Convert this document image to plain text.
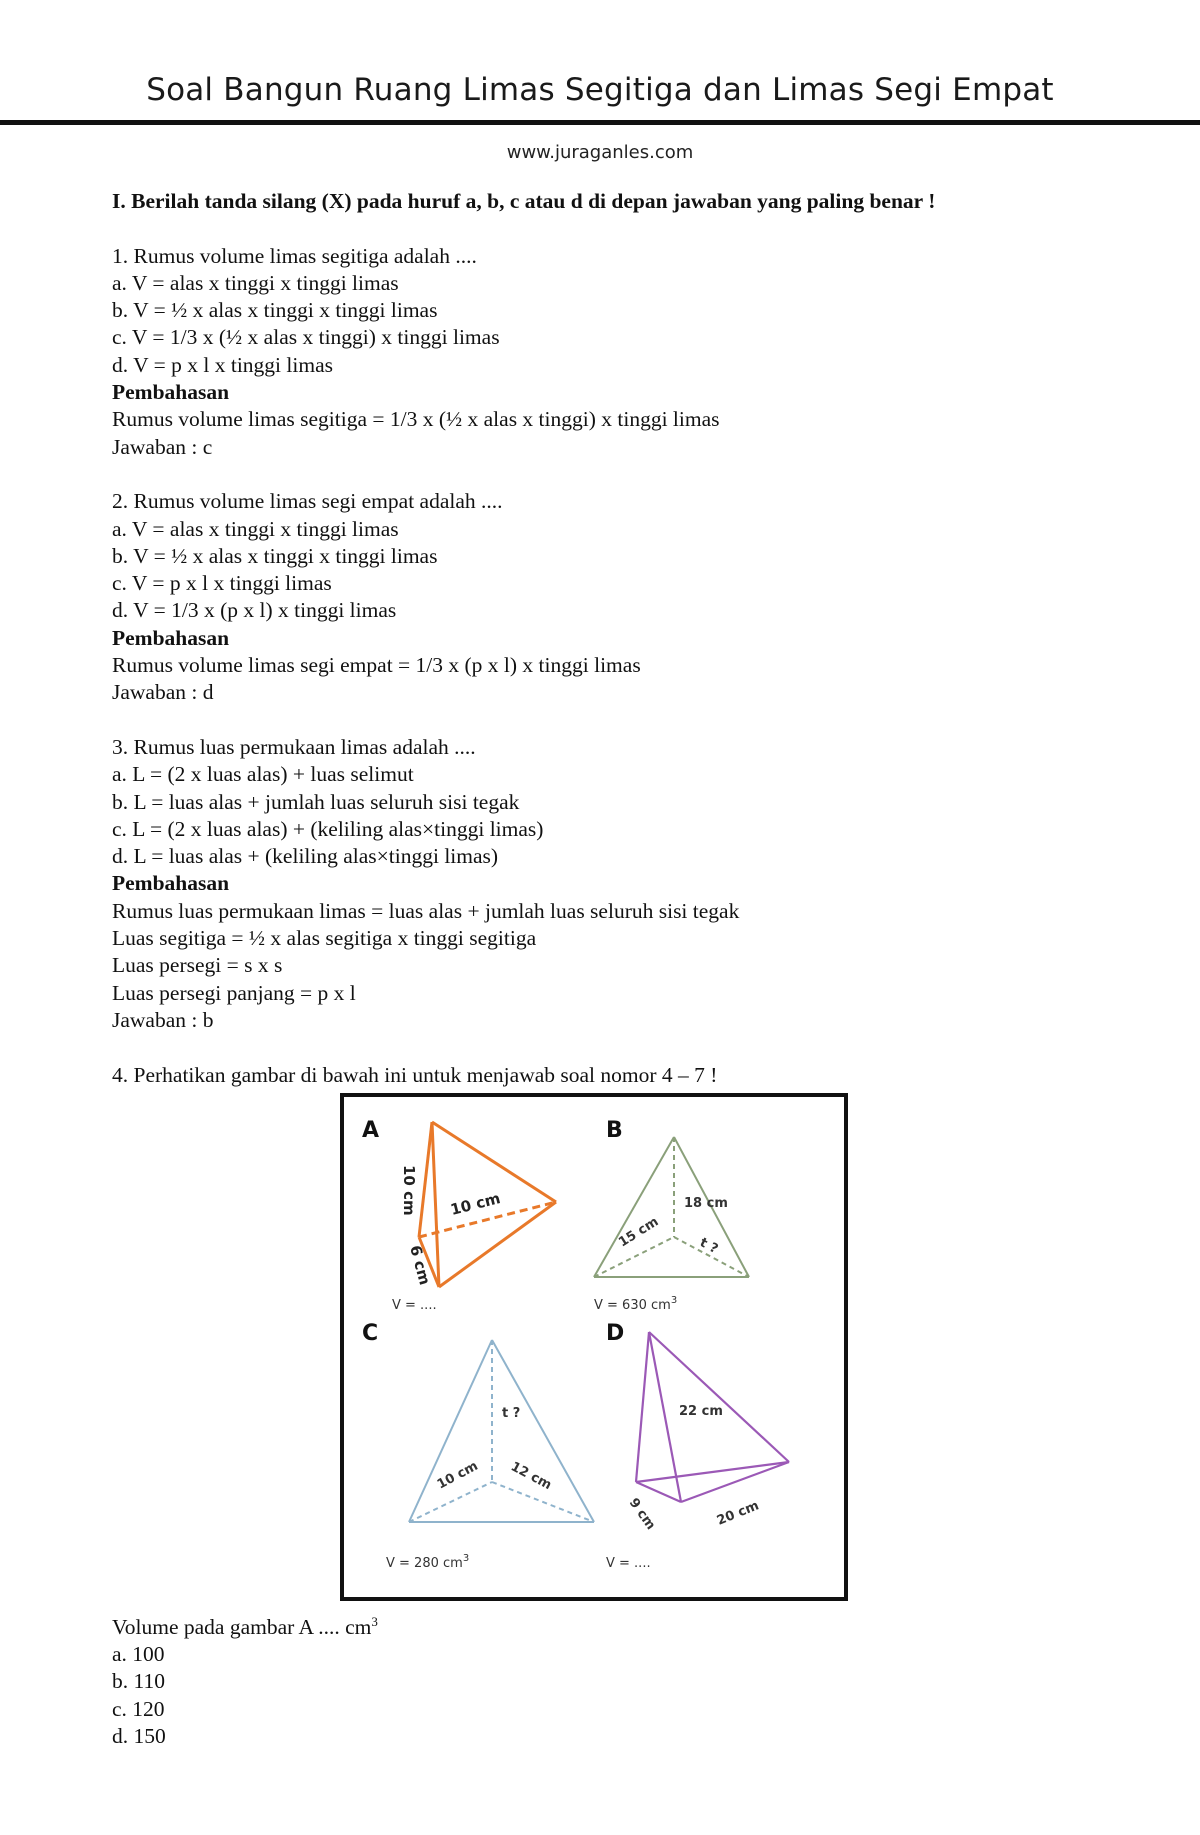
Soal Bangun Ruang Limas Segitiga dan Limas Segi Empat
www.juraganles.com
I. Berilah tanda silang (X) pada huruf a, b, c atau d di depan jawaban yang paling benar !
1. Rumus volume limas segitiga adalah ....
a. V = alas x tinggi x tinggi limas
b. V = ½ x alas x tinggi x tinggi limas
c. V = 1/3 x (½ x alas x tinggi) x tinggi limas
d. V = p x l x tinggi limas
Pembahasan
Rumus volume limas segitiga = 1/3 x (½ x alas x tinggi) x tinggi limas
Jawaban : c
2. Rumus volume limas segi empat adalah ....
a. V = alas x tinggi x tinggi limas
b. V = ½ x alas x tinggi x tinggi limas
c. V = p x l x tinggi limas
d. V = 1/3 x (p x l) x tinggi limas
Pembahasan
Rumus volume limas segi empat = 1/3 x (p x l) x tinggi limas
Jawaban : d
3. Rumus luas permukaan limas adalah ....
a. L = (2 x luas alas) + luas selimut
b. L = luas alas + jumlah luas seluruh sisi tegak
c. L = (2 x luas alas) + (keliling alas×tinggi limas)
d. L = luas alas + (keliling alas×tinggi limas)
Pembahasan
Rumus luas permukaan limas = luas alas + jumlah luas seluruh sisi tegak
Luas segitiga = ½ x alas segitiga x tinggi segitiga
Luas persegi = s x s
Luas persegi panjang = p x l
Jawaban : b
4. Perhatikan gambar di bawah ini untuk menjawab soal nomor 4 – 7 !
A
10 cm 10 cm
6 cm
V = ....
B
18 cm
15 cm	t ?
V = 630 $cm^3$
C
t ?
10 cm 12 cm
V = 280 $cm^3$
D
22 cm
9 cm	20 cm
V = ....
Volume pada gambar A .... $cm^3$
a. 100
b. 110
c. 120
d. 150
